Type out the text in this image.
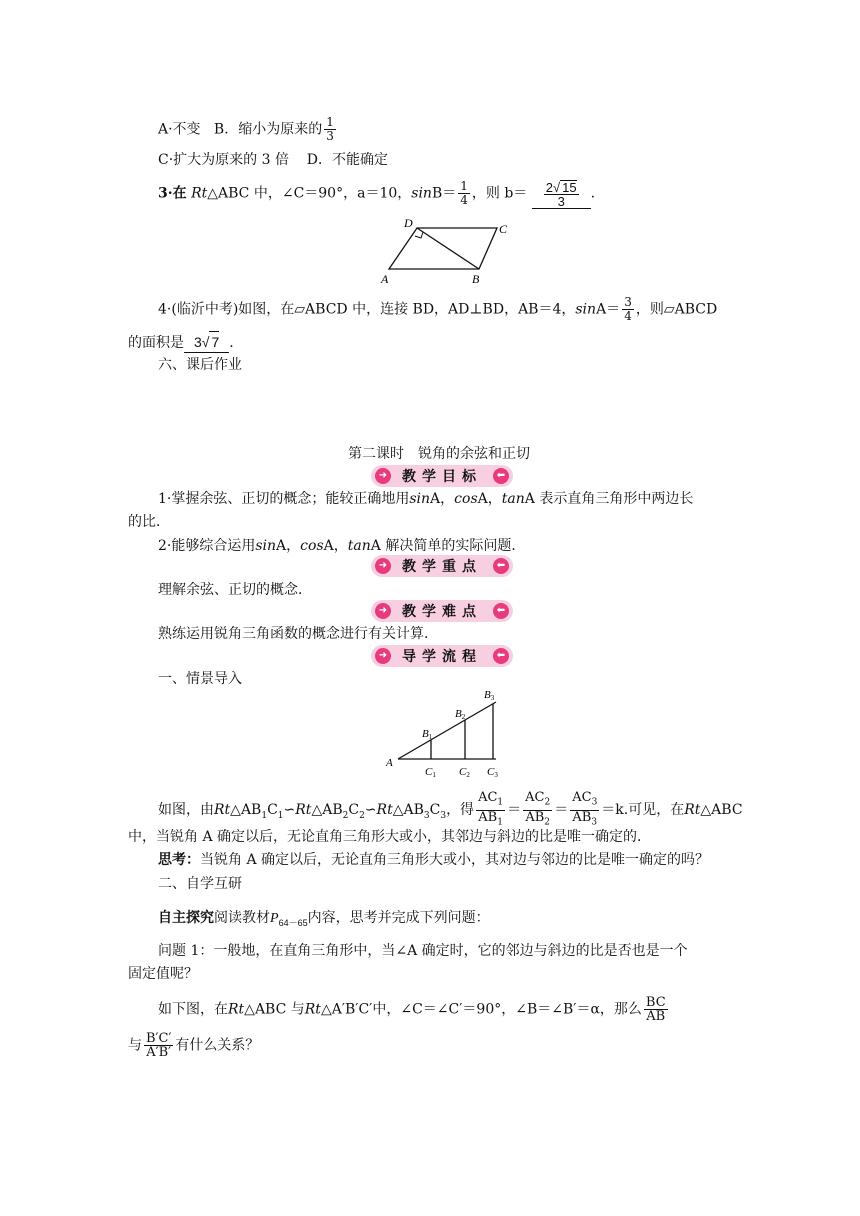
A·不变 B．缩小为原来的 $\frac{1}{3}$
C·扩大为原来的 3 倍 D．不能确定
3·在 Rt△ABC 中，∠C＝90°，a＝10，$\sin B= \frac{1}{4}$ ，则 $b= \frac{2√ 15}{3}$ .
D	C
A	B
4·(临沂中考)如图，在▱ABCD 中，连接 BD，AD⊥BD，AB＝4，$\sin A= \frac{3}{4}$ ，则▱ABCD
的面积是 3√ 7 .
六、课后作业
第二课时　锐角的余弦和正切
➜ 教学目标	⬅
1·掌握余弦、正切的概念；能较正确地用sinA，cosA，tanA 表示直角三角形中两边长
的比．
2·能够综合运用sinA，cosA，tanA 解决简单的实际问题．
➜ 教学重点	⬅
理解余弦、正切的概念．
➜ 教学难点	⬅
熟练运用锐角三角函数的概念进行有关计算．
➜ 导学流程	⬅
一、情景导入
A
B1
B2
B3
C1 C2 C3
如图，由$Rt\triangle AB_1C_1∽Rt\triangle AB_2C_2∽Rt\triangle AB_3C_3$，得 $\frac{AC_1}{AB_1} = \frac{AC_2}{AB_2} = \frac{AC_3}{AB_3} =k$.可见，在Rt△ABC
中，当锐角 A 确定以后，无论直角三角形大或小，其邻边与斜边的比是唯一确定的．
思考：当锐角 A 确定以后，无论直角三角形大或小，其对边与邻边的比是唯一确定的吗？
二、自学互研
自主探究阅读教材$P_{64-65}$内容，思考并完成下列问题：
问题 1：一般地，在直角三角形中，当∠A 确定时，它的邻边与斜边的比是否也是一个
固定值呢？
如下图，在Rt△ABC 与Rt△A′B′C′中，∠C＝∠C′＝90°，∠B＝∠B′＝α，那么 $\frac{BC}{AB}$
与 $\frac{B'C'}{A'B'}$ 有什么关系？
